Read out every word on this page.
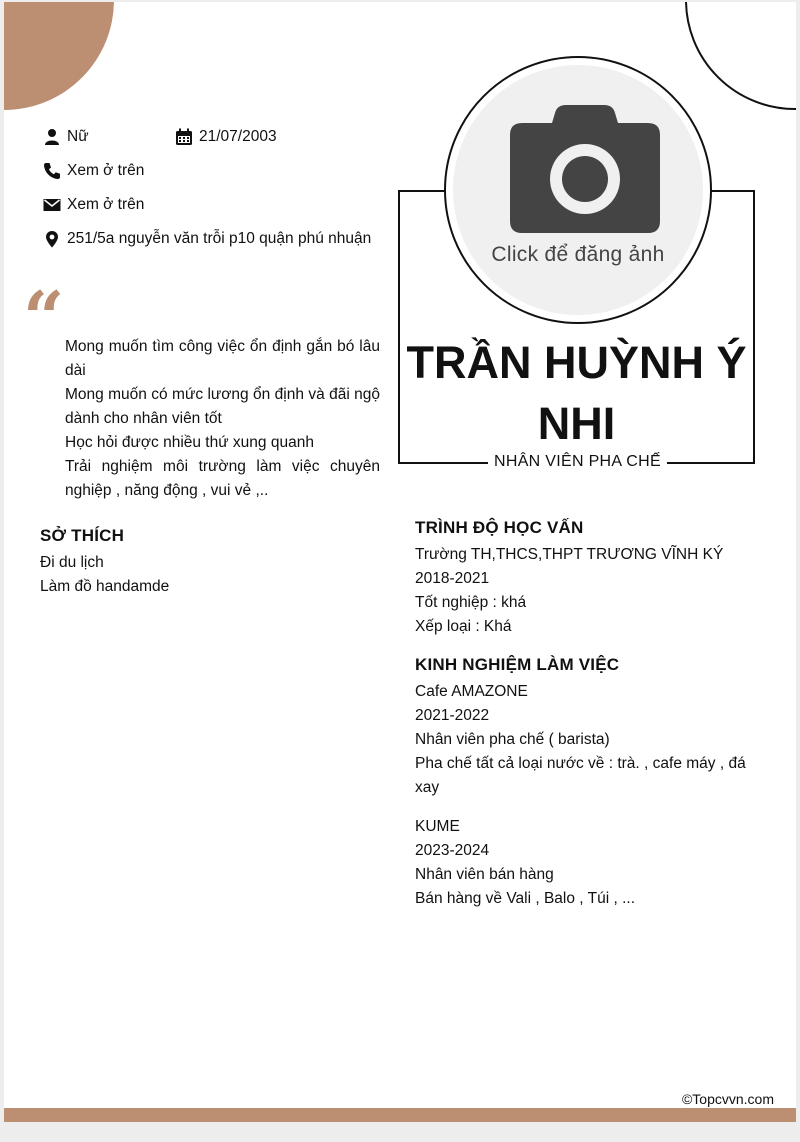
Nữ	21/07/2003
Xem ở trên
Xem ở trên
251/5a nguyễn văn trỗi p10 quận phú nhuận
“ Mong muốn tìm công việc ổn định gắn bó lâu dài

Mong muốn có mức lương ổn định và đãi ngộ dành cho nhân viên tốt

Học hỏi được nhiều thứ xung quanh

Trải nghiệm môi trường làm việc chuyên nghiệp , năng động , vui vẻ ,..

SỞ THÍCH

Đi du lịch

Làm đồ handamde

TRẦN HUỲNH Ý NHI
NHÂN VIÊN PHA CHẾ
Click để đăng ảnh
TRÌNH ĐỘ HỌC VẤN

Trường TH,THCS,THPT TRƯƠNG VĨNH KÝ

2018-2021

Tốt nghiệp : khá

Xếp loại : Khá

KINH NGHIỆM LÀM VIỆC

Cafe AMAZONE

2021-2022

Nhân viên pha chế ( barista)

Pha chế tất cả loại nước về : trà. , cafe máy , đá xay

KUME

2023-2024

Nhân viên bán hàng

Bán hàng về Vali , Balo , Túi , ...

©Topcvvn.com
